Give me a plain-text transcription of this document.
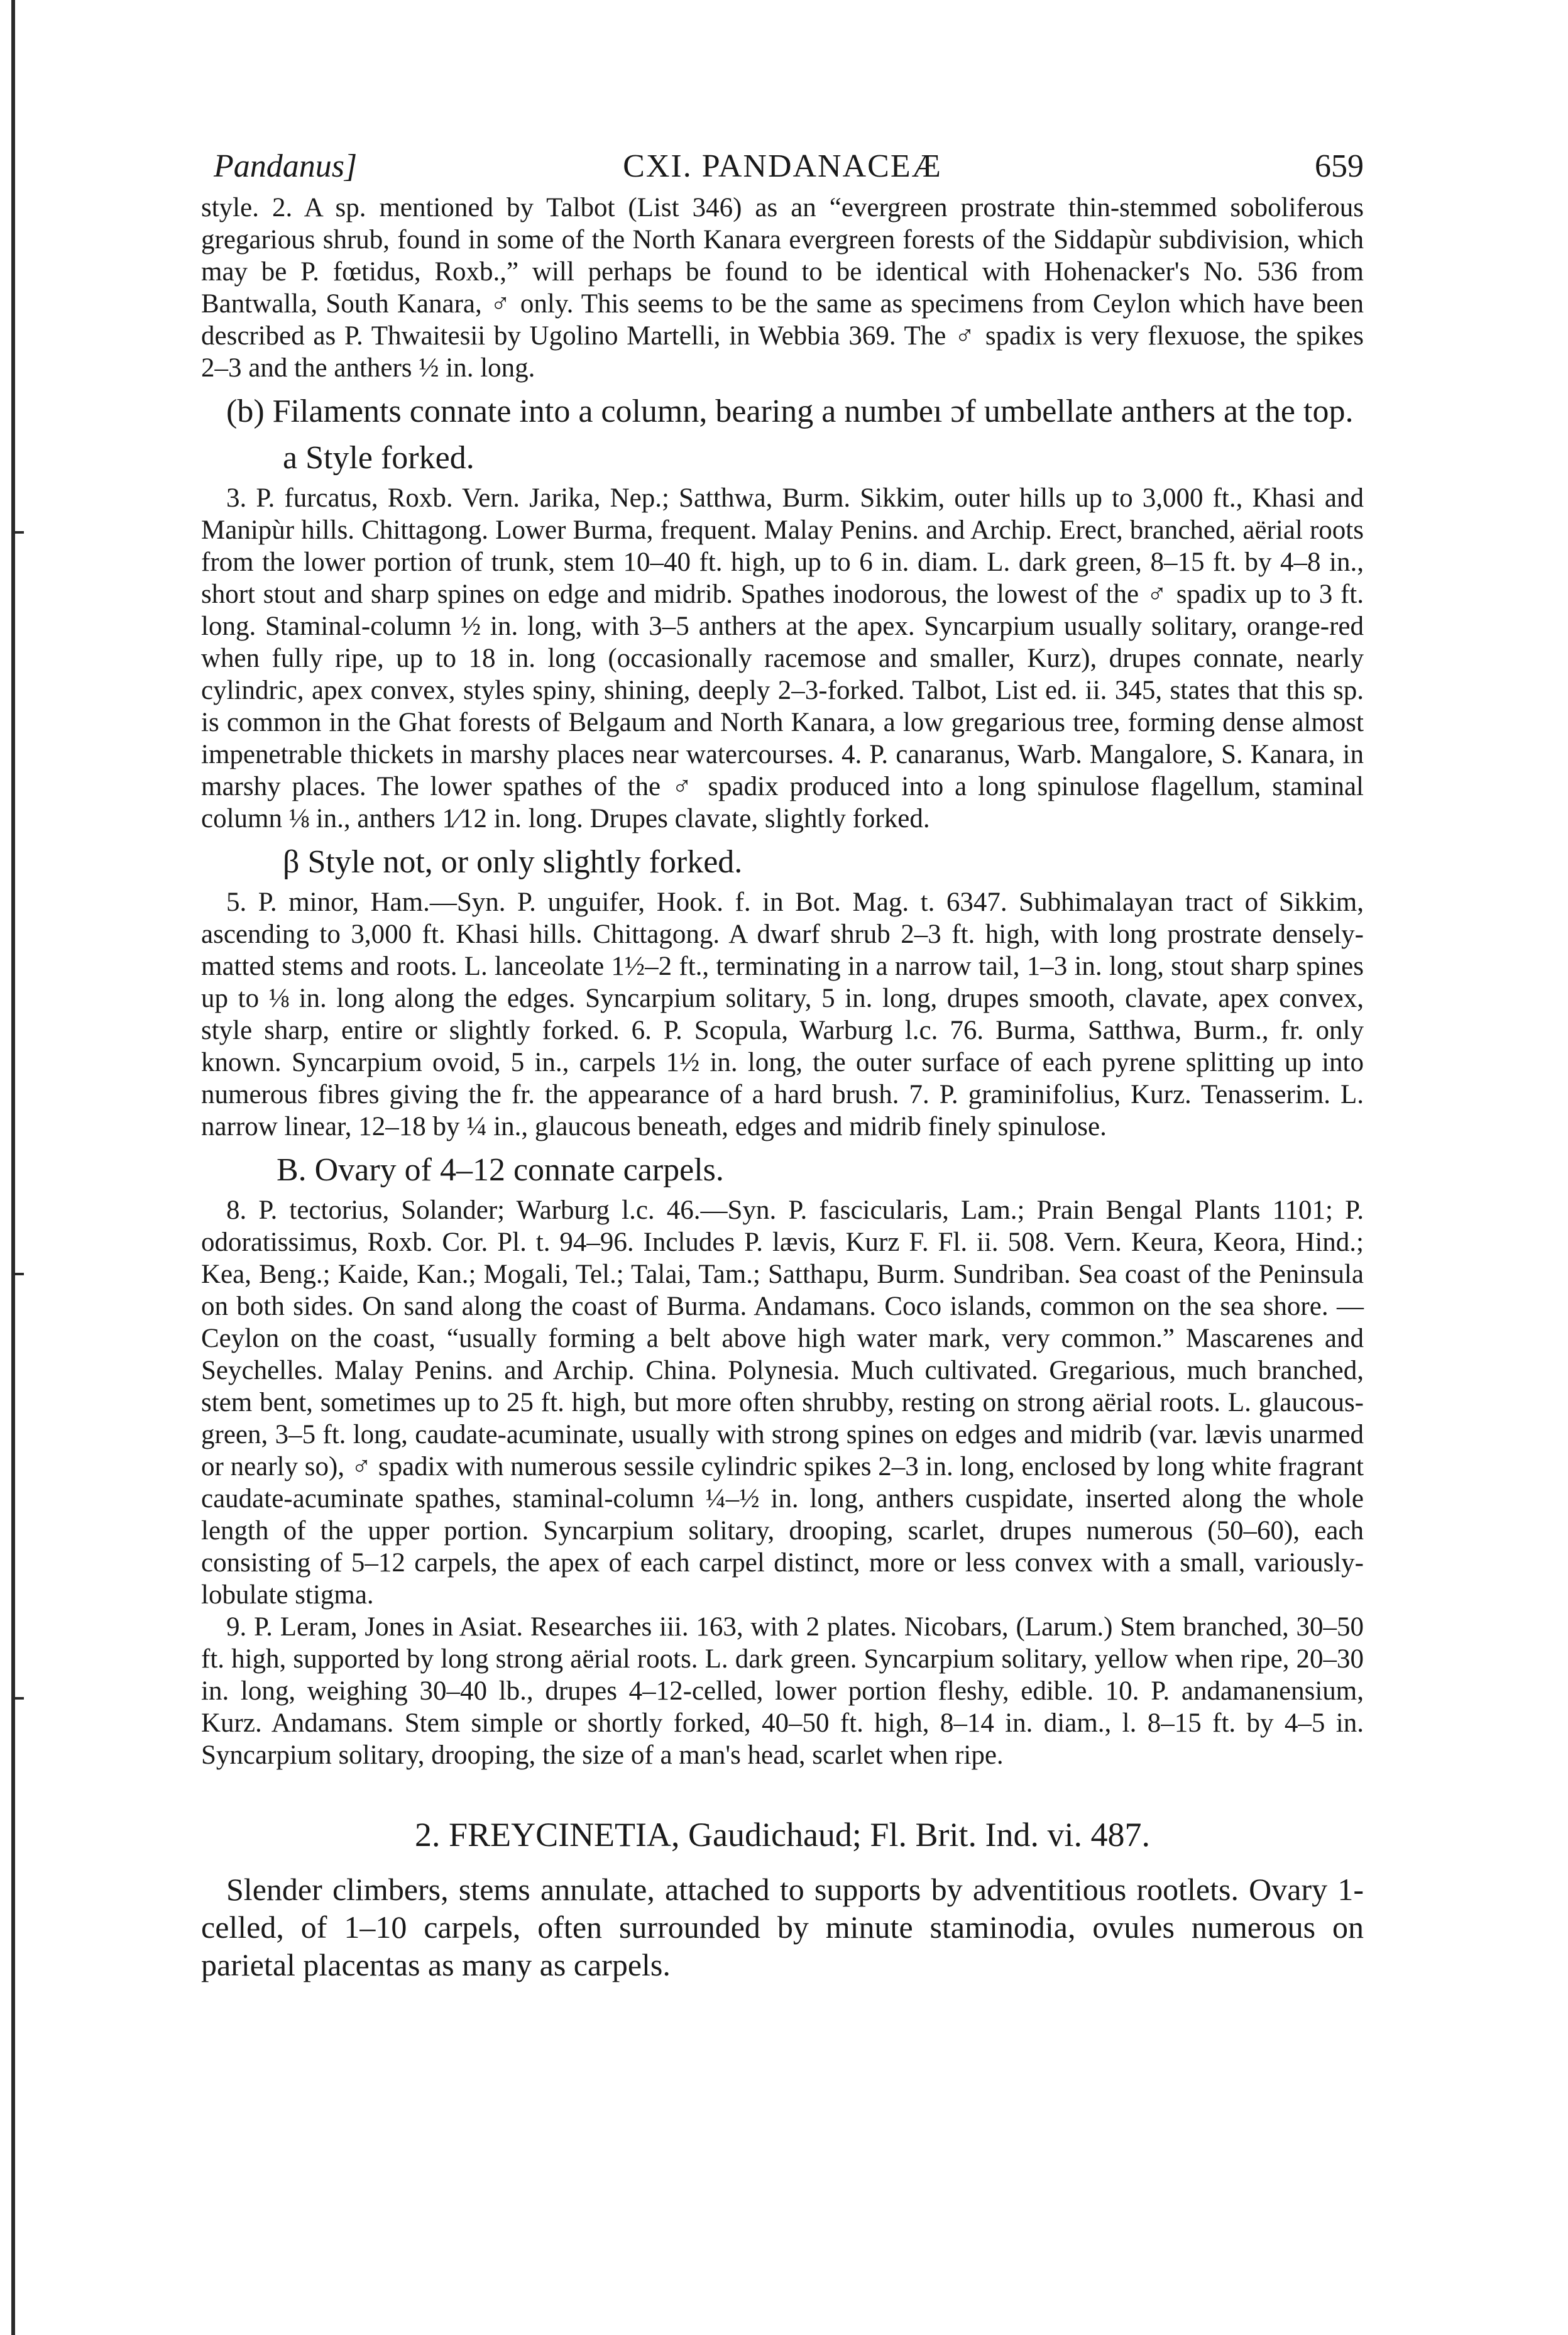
Pandanus]	CXI. PANDANACEÆ	659

style. 2. A sp. mentioned by Talbot (List 346) as an “evergreen prostrate thin-stemmed soboliferous gregarious shrub, found in some of the North Kanara evergreen forests of the Siddapùr subdivision, which may be P. fœtidus, Roxb.,” will perhaps be found to be identical with Hohenacker's No. 536 from Bantwalla, South Kanara, ♂ only. This seems to be the same as specimens from Ceylon which have been described as P. Thwaitesii by Ugolino Martelli, in Webbia 369. The ♂ spadix is very flexuose, the spikes 2–3 and the anthers ½ in. long.

(b) Filaments connate into a column, bearing a numbeı ɔf umbellate anthers at the top.
a Style forked.

3. P. furcatus, Roxb. Vern. Jarika, Nep.; Satthwa, Burm. Sikkim, outer hills up to 3,000 ft., Khasi and Manipùr hills. Chittagong. Lower Burma, frequent. Malay Penins. and Archip. Erect, branched, aërial roots from the lower portion of trunk, stem 10–40 ft. high, up to 6 in. diam. L. dark green, 8–15 ft. by 4–8 in., short stout and sharp spines on edge and midrib. Spathes inodorous, the lowest of the ♂ spadix up to 3 ft. long. Staminal-column ½ in. long, with 3–5 anthers at the apex. Syncarpium usually solitary, orange-red when fully ripe, up to 18 in. long (occasionally racemose and smaller, Kurz), drupes connate, nearly cylindric, apex convex, styles spiny, shining, deeply 2–3-forked. Talbot, List ed. ii. 345, states that this sp. is common in the Ghat forests of Belgaum and North Kanara, a low gregarious tree, forming dense almost impenetrable thickets in marshy places near watercourses. 4. P. canaranus, Warb. Mangalore, S. Kanara, in marshy places. The lower spathes of the ♂ spadix produced into a long spinulose flagellum, staminal column ⅛ in., anthers 1⁄12 in. long. Drupes clavate, slightly forked.

β Style not, or only slightly forked.

5. P. minor, Ham.—Syn. P. unguifer, Hook. f. in Bot. Mag. t. 6347. Subhimalayan tract of Sikkim, ascending to 3,000 ft. Khasi hills. Chittagong. A dwarf shrub 2–3 ft. high, with long prostrate densely-matted stems and roots. L. lanceolate 1½–2 ft., terminating in a narrow tail, 1–3 in. long, stout sharp spines up to ⅛ in. long along the edges. Syncarpium solitary, 5 in. long, drupes smooth, clavate, apex convex, style sharp, entire or slightly forked. 6. P. Scopula, Warburg l.c. 76. Burma, Satthwa, Burm., fr. only known. Syncarpium ovoid, 5 in., carpels 1½ in. long, the outer surface of each pyrene splitting up into numerous fibres giving the fr. the appearance of a hard brush. 7. P. graminifolius, Kurz. Tenasserim. L. narrow linear, 12–18 by ¼ in., glaucous beneath, edges and midrib finely spinulose.

B. Ovary of 4–12 connate carpels.

8. P. tectorius, Solander; Warburg l.c. 46.—Syn. P. fascicularis, Lam.; Prain Bengal Plants 1101; P. odoratissimus, Roxb. Cor. Pl. t. 94–96. Includes P. lævis, Kurz F. Fl. ii. 508. Vern. Keura, Keora, Hind.; Kea, Beng.; Kaide, Kan.; Mogali, Tel.; Talai, Tam.; Satthapu, Burm. Sundriban. Sea coast of the Peninsula on both sides. On sand along the coast of Burma. Andamans. Coco islands, common on the sea shore. —Ceylon on the coast, “usually forming a belt above high water mark, very common.” Mascarenes and Seychelles. Malay Penins. and Archip. China. Polynesia. Much cultivated. Gregarious, much branched, stem bent, sometimes up to 25 ft. high, but more often shrubby, resting on strong aërial roots. L. glaucous-green, 3–5 ft. long, caudate-acuminate, usually with strong spines on edges and midrib (var. lævis unarmed or nearly so), ♂ spadix with numerous sessile cylindric spikes 2–3 in. long, enclosed by long white fragrant caudate-acuminate spathes, staminal-column ¼–½ in. long, anthers cuspidate, inserted along the whole length of the upper portion. Syncarpium solitary, drooping, scarlet, drupes numerous (50–60), each consisting of 5–12 carpels, the apex of each carpel distinct, more or less convex with a small, variously-lobulate stigma.

9. P. Leram, Jones in Asiat. Researches iii. 163, with 2 plates. Nicobars, (Larum.) Stem branched, 30–50 ft. high, supported by long strong aërial roots. L. dark green. Syncarpium solitary, yellow when ripe, 20–30 in. long, weighing 30–40 lb., drupes 4–12-celled, lower portion fleshy, edible. 10. P. andamanensium, Kurz. Andamans. Stem simple or shortly forked, 40–50 ft. high, 8–14 in. diam., l. 8–15 ft. by 4–5 in. Syncarpium solitary, drooping, the size of a man's head, scarlet when ripe.

2. FREYCINETIA, Gaudichaud; Fl. Brit. Ind. vi. 487.

Slender climbers, stems annulate, attached to supports by adventitious rootlets. Ovary 1-celled, of 1–10 carpels, often surrounded by minute staminodia, ovules numerous on parietal placentas as many as carpels.
